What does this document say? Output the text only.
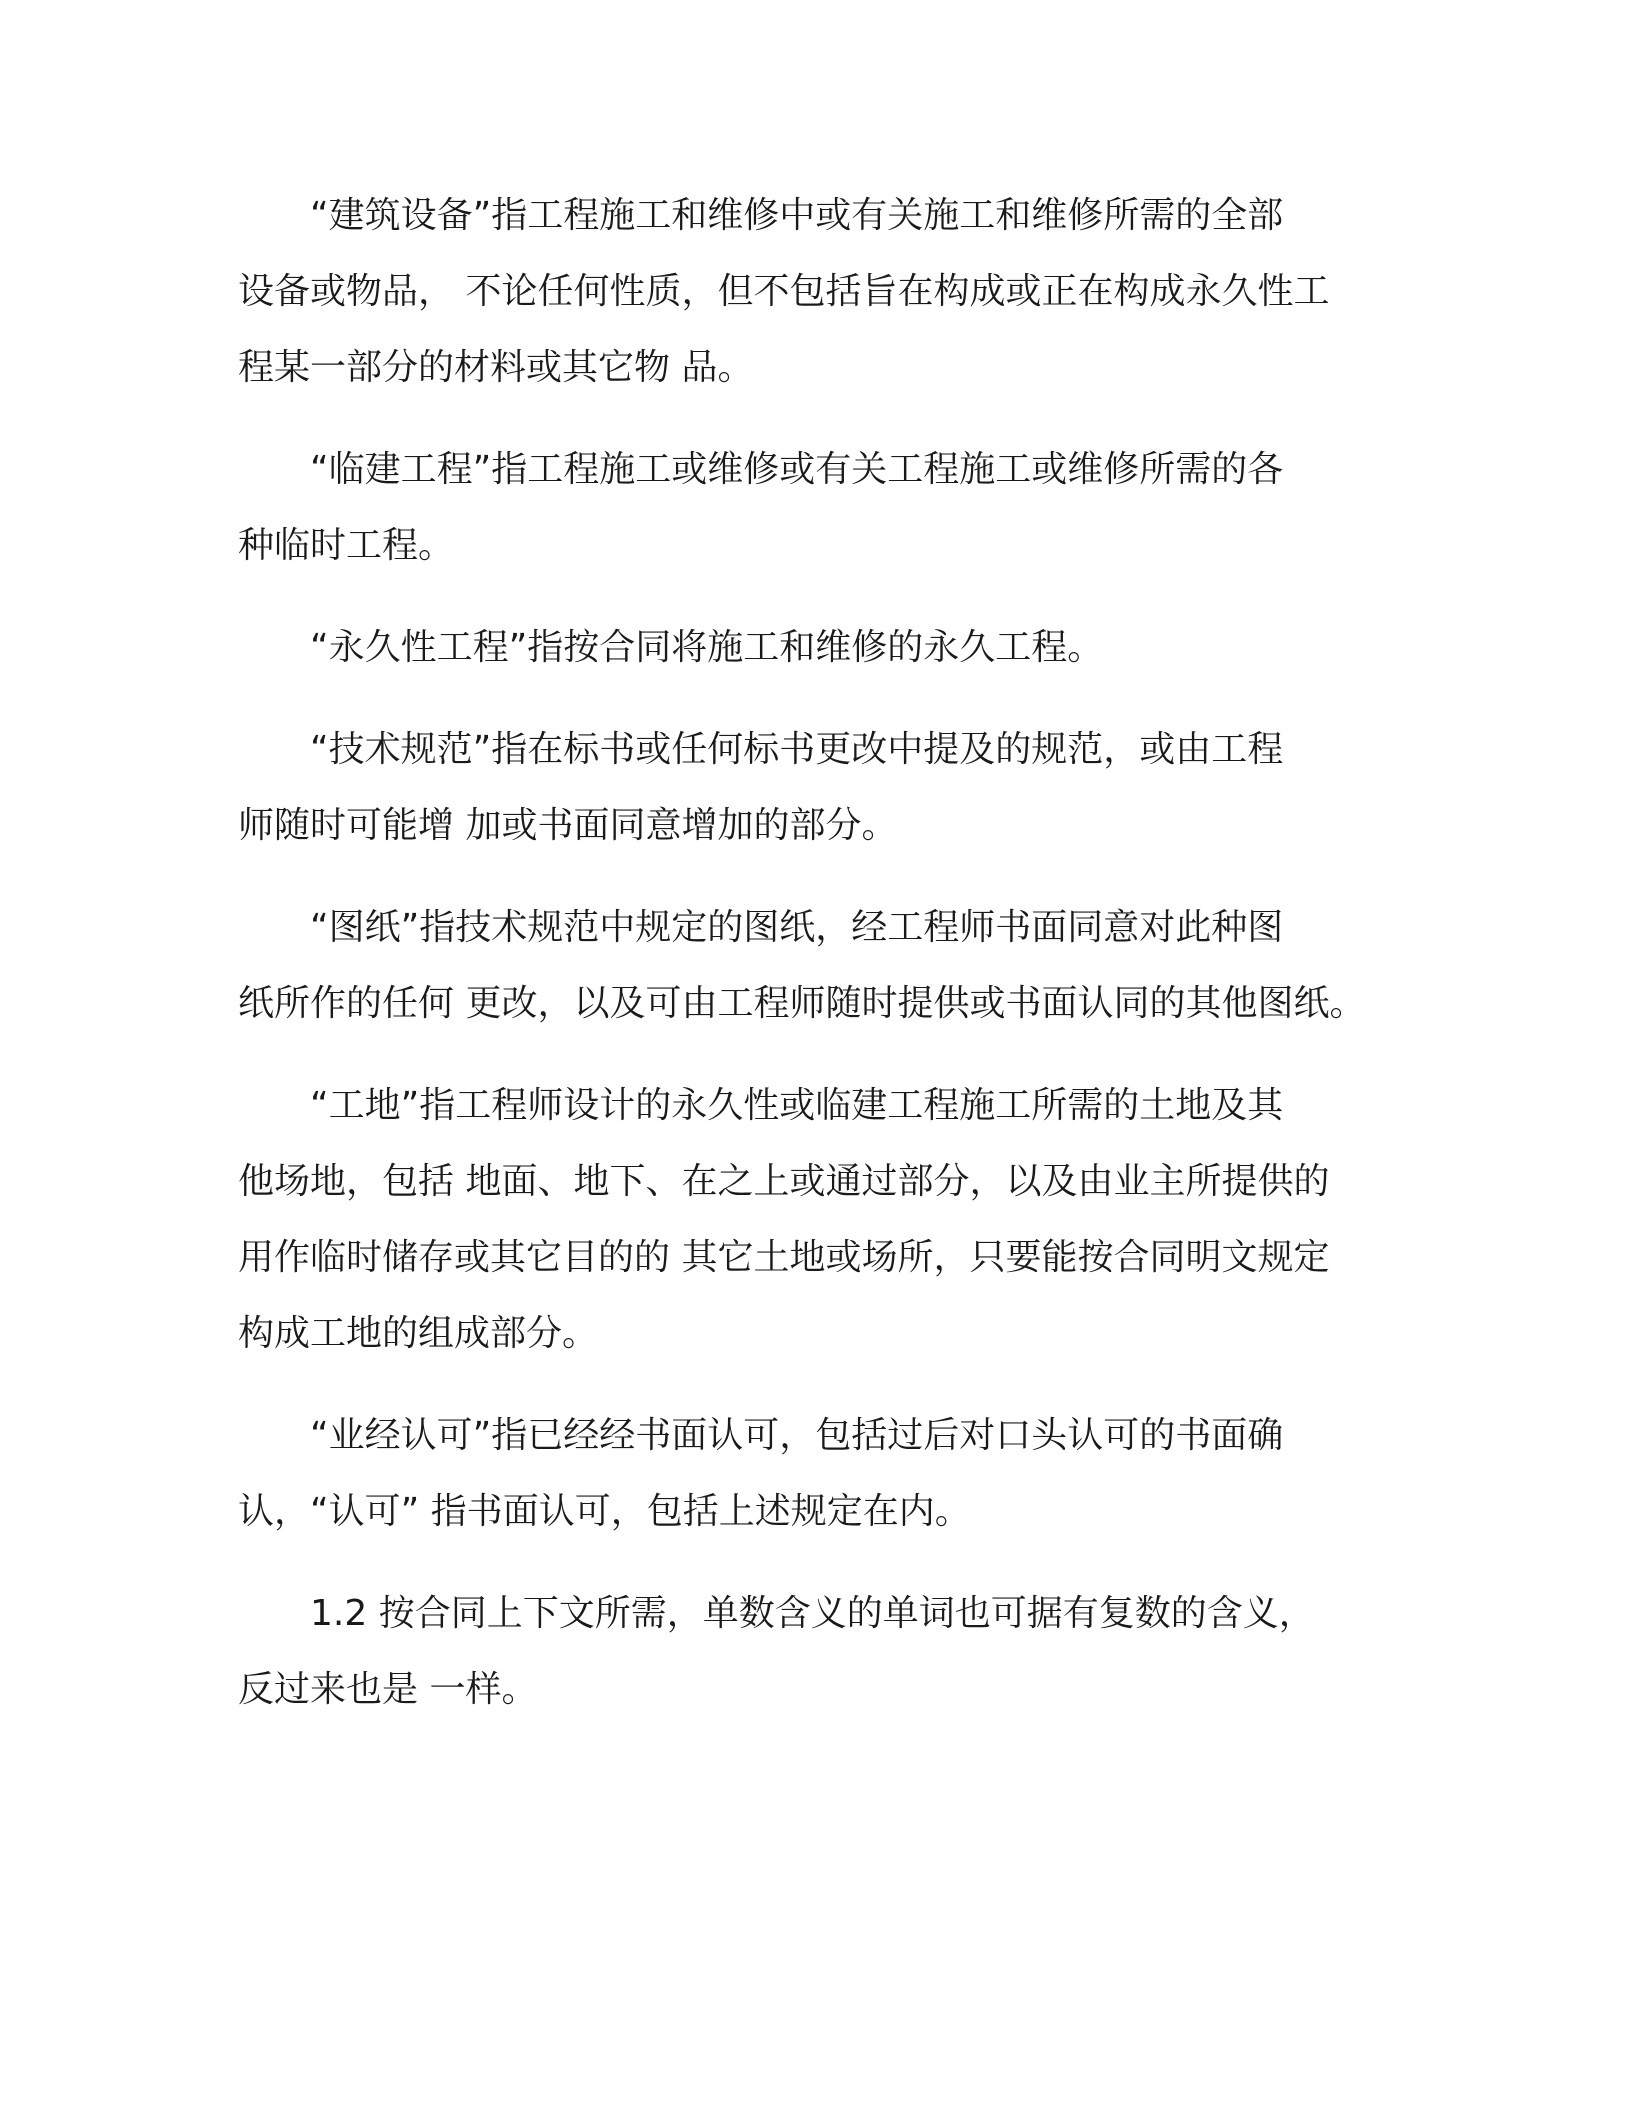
“建筑设备”指工程施工和维修中或有关施工和维修所需的全部
设备或物品， 不论任何性质，但不包括旨在构成或正在构成永久性工
程某一部分的材料或其它物 品。

“临建工程”指工程施工或维修或有关工程施工或维修所需的各
种临时工程。

“永久性工程”指按合同将施工和维修的永久工程。

“技术规范”指在标书或任何标书更改中提及的规范，或由工程
师随时可能增 加或书面同意增加的部分。

“图纸”指技术规范中规定的图纸，经工程师书面同意对此种图
纸所作的任何 更改，以及可由工程师随时提供或书面认同的其他图纸。

“工地”指工程师设计的永久性或临建工程施工所需的土地及其
他场地，包括 地面、地下、在之上或通过部分，以及由业主所提供的
用作临时储存或其它目的的 其它土地或场所，只要能按合同明文规定
构成工地的组成部分。

“业经认可”指已经经书面认可，包括过后对口头认可的书面确
认，“认可” 指书面认可，包括上述规定在内。

1.2 按合同上下文所需，单数含义的单词也可据有复数的含义，
反过来也是 一样。
